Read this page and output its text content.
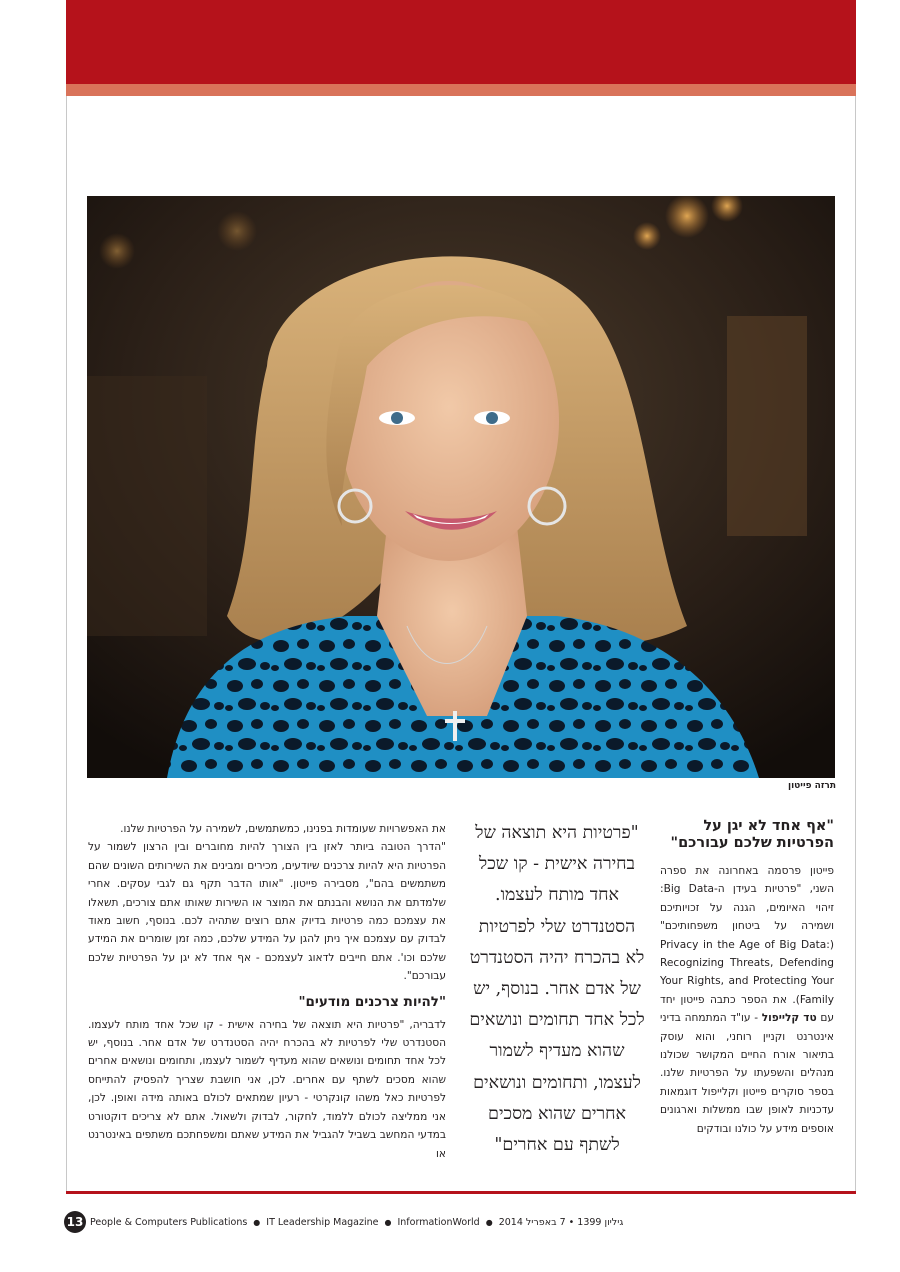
תרזה פייטון
"אף אחד לא יגן על הפרטיות שלכם עבורכם"

פייטון פרסמה באחרונה את ספרה השני, "פרטיות בעידן ה-Big Data: זיהוי האיומים, הגנה על זכויותיכם ושמירה על ביטחון משפחותיכם" (Privacy in the Age of Big Data: Recognizing Threats, Defending Your Rights, and Protecting Your Family). את הספר כתבה פייטון יחד עם טד קלייפול - עו"ד המתמחה בדיני אינטרנט וקניין רוחני, והוא עוסק בתיאור אורח החיים המקושר שכולנו מנהלים והשפעתו על הפרטיות שלנו. בספר סוקרים פייטון וקלייפול דוגמאות עדכניות לאופן שבו ממשלות וארגונים אוספים מידע על כולנו ובודקים

"פרטיות היא תוצאה של בחירה אישית - קו שכל אחד מותח לעצמו. הסטנדרט שלי לפרטיות לא בהכרח יהיה הסטנדרט של אדם אחר. בנוסף, יש לכל אחד תחומים ונושאים שהוא מעדיף לשמור לעצמו, ותחומים ונושאים אחרים שהוא מסכים לשתף עם אחרים"

את האפשרויות שעומדות בפנינו, כמשתמשים, לשמירה על הפרטיות שלנו.

"הדרך הטובה ביותר לאזן בין הצורך להיות מחוברים ובין הרצון לשמור על הפרטיות היא להיות צרכנים שיודעים, מכירים ומבינים את השירותים השונים שהם משתמשים בהם", מסבירה פייטון. "אותו הדבר תקף גם לגבי עסקים. אחרי שלמדתם את הנושא והבנתם את המוצר או השירות שאותו אתם צורכים, תשאלו את עצמכם כמה פרטיות בדיוק אתם רוצים שתהיה לכם. בנוסף, חשוב מאוד לבדוק עם עצמכם איך ניתן להגן על המידע שלכם, כמה זמן שומרים את המידע שלכם וכו'. אתם חייבים לדאוג לעצמכם - אף אחד לא יגן על הפרטיות שלכם עבורכם".

"להיות צרכנים מודעים"

לדבריה, "פרטיות היא תוצאה של בחירה אישית - קו שכל אחד מותח לעצמו. הסטנדרט שלי לפרטיות לא בהכרח יהיה הסטנדרט של אדם אחר. בנוסף, יש לכל אחד תחומים ונושאים שהוא מעדיף לשמור לעצמו, ותחומים ונושאים אחרים שהוא מסכים לשתף עם אחרים. לכן, אני חושבת שצריך להפסיק להתייחס לפרטיות כאל משהו קונקרטי - רעיון שמתאים לכולם באותה מידה ואופן. לכן, אני ממליצה לכולם ללמוד, לחקור, לבדוק ולשאול. אתם לא צריכים דוקטורט במדעי המחשב בשביל להגביל את המידע שאתם ומשפחתכם משתפים באינטרנט או

13 People & Computers Publications ● IT Leadership Magazine ● InformationWorld ● גיליון 1399 • 7 באפריל 2014
